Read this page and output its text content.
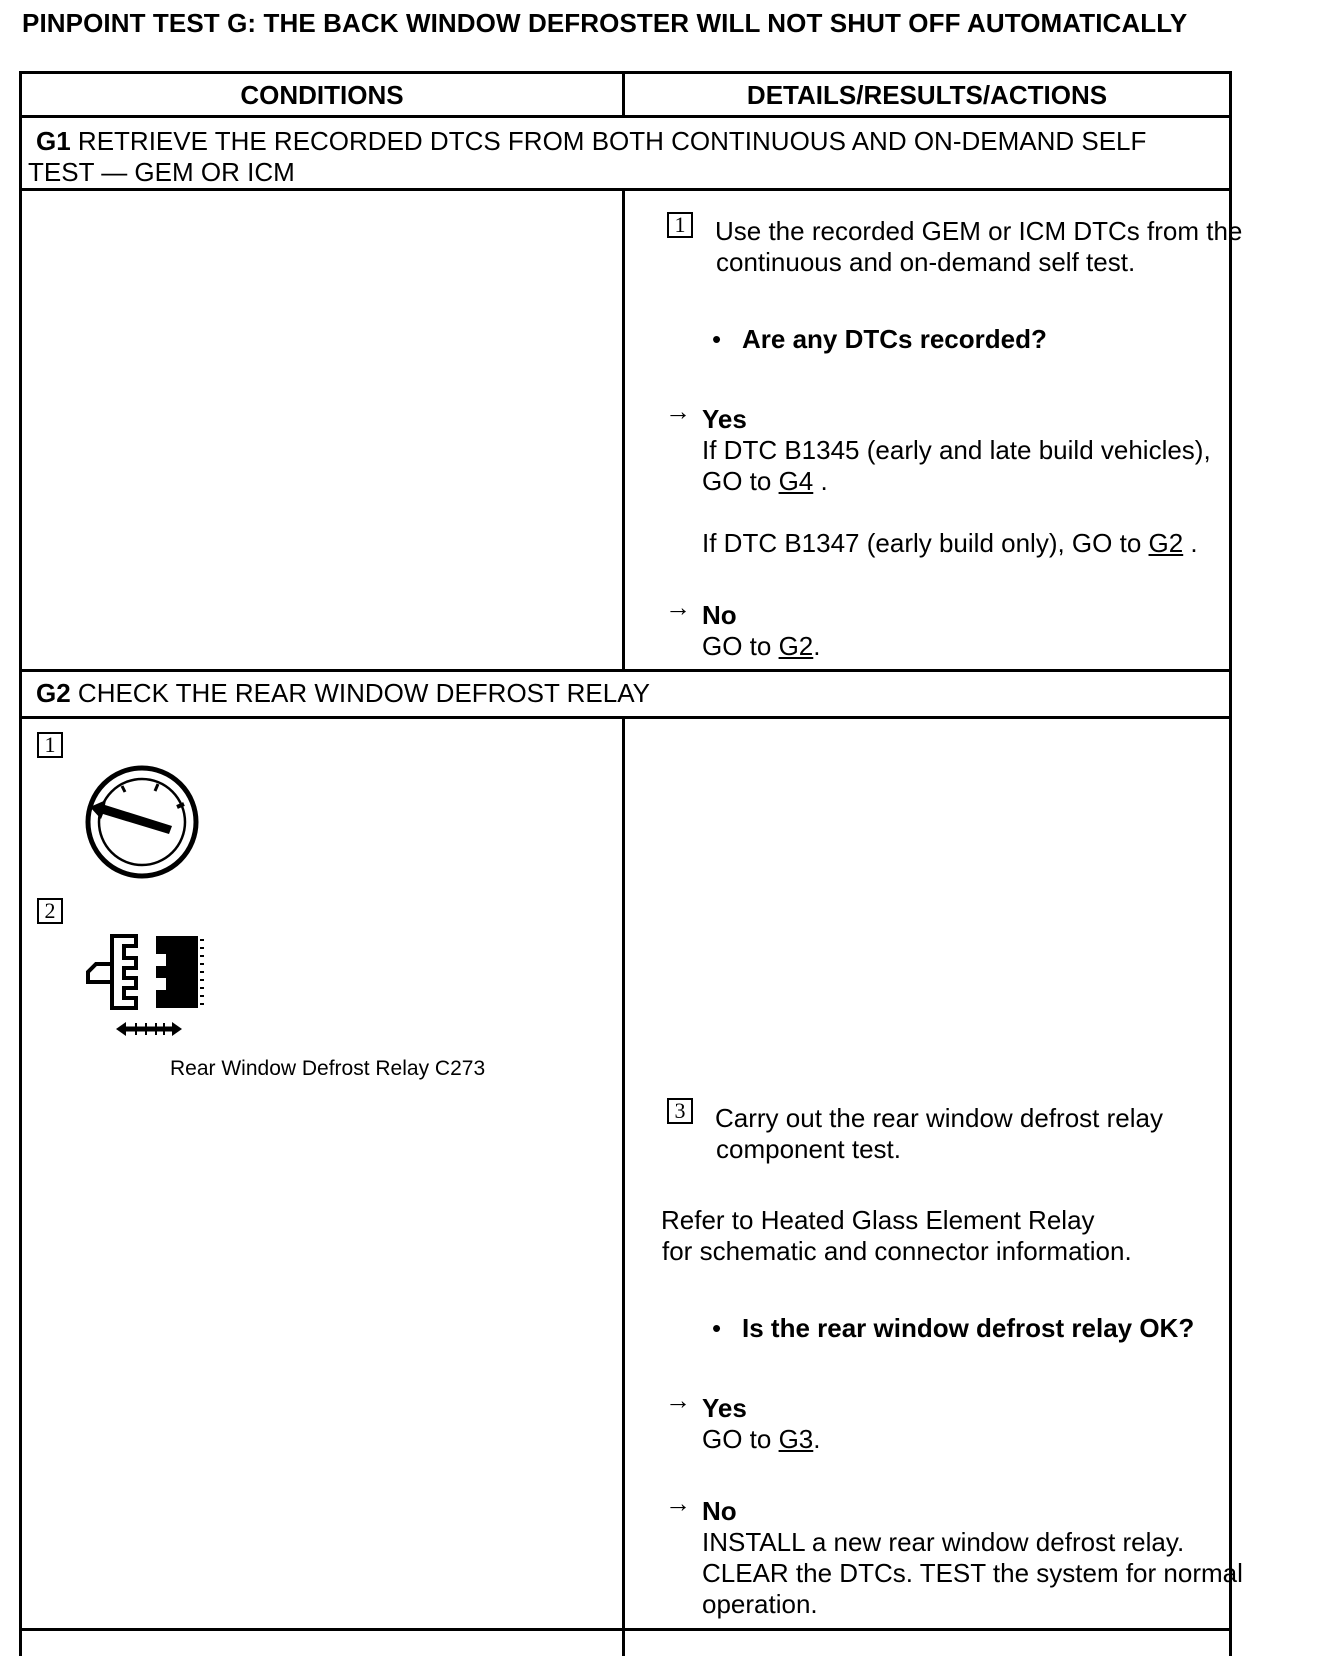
PINPOINT TEST G: THE BACK WINDOW DEFROSTER WILL NOT SHUT OFF AUTOMATICALLY
CONDITIONS	DETAILS/RESULTS/ACTIONS
G1 RETRIEVE THE RECORDED DTCS FROM BOTH CONTINUOUS AND ON-DEMAND SELF TEST — GEM OR ICM
1 Use the recorded GEM or ICM DTCs from the
continuous and on-demand self test.
• Are any DTCs recorded?
→ Yes
If DTC B1345 (early and late build vehicles),
GO to G4 .
If DTC B1347 (early build only), GO to G2 .
→ No
GO to G2.
G2 CHECK THE REAR WINDOW DEFROST RELAY
1
2
Rear Window Defrost Relay C273
3 Carry out the rear window defrost relay
component test.
Refer to Heated Glass Element Relay
for schematic and connector information.
• Is the rear window defrost relay OK?
→ Yes
GO to G3.
→ No
INSTALL a new rear window defrost relay.
CLEAR the DTCs. TEST the system for normal
operation.
